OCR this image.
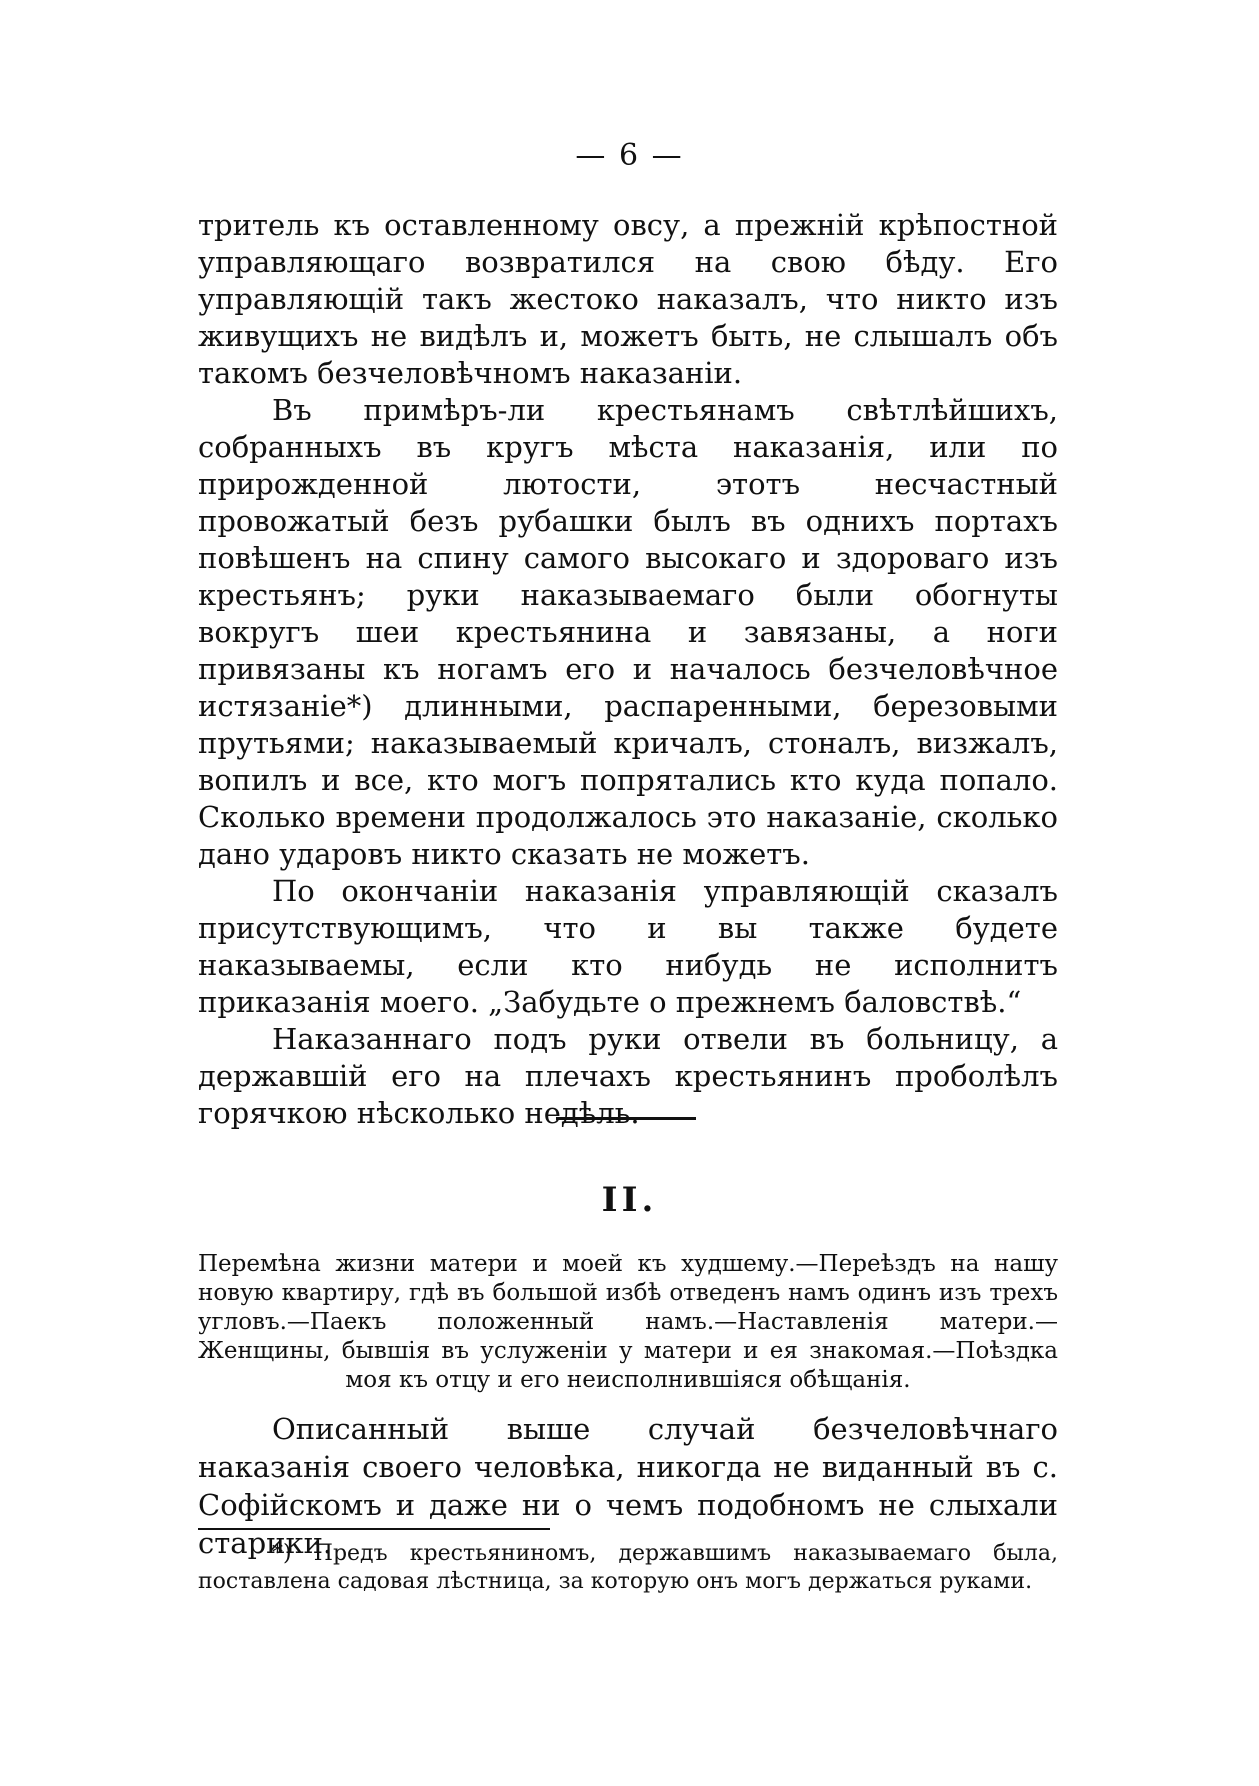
— 6 —

тритель къ оставленному овсу, а прежній крѣпостной управляющаго возвратился на свою бѣду. Его управляющій такъ жестоко наказалъ, что никто изъ живущихъ не видѣлъ и, можетъ быть, не слышалъ объ такомъ безчеловѣчномъ наказаніи.

Въ примѣръ-ли крестьянамъ свѣтлѣйшихъ, собранныхъ въ кругъ мѣста наказанія, или по прирожденной лютости, этотъ несчастный провожатый безъ рубашки былъ въ однихъ портахъ повѣшенъ на спину самого высокаго и здороваго изъ крестьянъ; руки наказываемаго были обогнуты вокругъ шеи крестьянина и завязаны, а ноги привязаны къ ногамъ его и началось безчеловѣчное истязаніе*) длинными, распаренными, березовыми прутьями; наказываемый кричалъ, стоналъ, визжалъ, вопилъ и все, кто могъ попрятались кто куда попало. Сколько времени продолжалось это наказаніе, сколько дано ударовъ никто сказать не можетъ.

По окончаніи наказанія управляющій сказалъ присутствующимъ, что и вы также будете наказываемы, если кто нибудь не исполнитъ приказанія моего. „Забудьте о прежнемъ баловствѣ.“

Наказаннаго подъ руки отвели въ больницу, а державшій его на плечахъ крестьянинъ проболѣлъ горячкою нѣсколько недѣль.

II.
Перемѣна жизни матери и моей къ худшему.—Переѣздъ на нашу новую квартиру, гдѣ въ большой избѣ отведенъ намъ одинъ изъ трехъ угловъ.—Паекъ положенный намъ.—Наставленія матери.—Женщины, бывшія въ услуженіи у матери и ея знакомая.—Поѣздка моя къ отцу и его неисполнившіяся обѣщанія.

Описанный выше случай безчеловѣчнаго наказанія своего человѣка, никогда не виданный въ с. Софійскомъ и даже ни о чемъ подобномъ не слыхали старики.

*) Предъ крестьяниномъ, державшимъ наказываемаго была, поставлена садовая лѣстница, за которую онъ могъ держаться руками.
